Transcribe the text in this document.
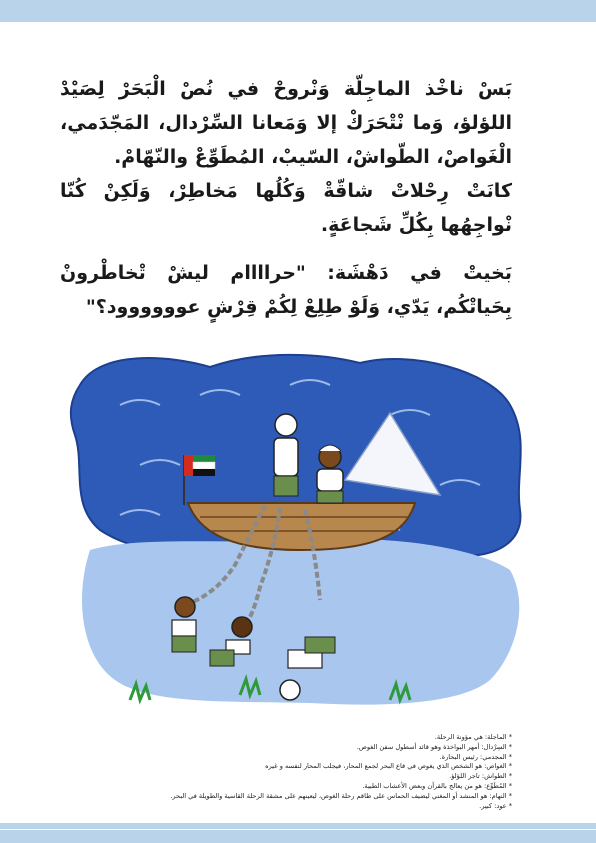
بَسْ ناخْذ الماجِلّة وَنْروحْ في نُصْ الْبَحَرْ لِصَيْدْ اللؤلؤ، وَما نْتْحَرَكْ إلا وَمَعانا السِّرْدال، المَجّدَمي، الْغَواصْ، الطّواشْ، السّيبْ، المُطَوِّعْ والنّهّامْ.

كانَتْ رِحْلاتْ شاقّةْ وَكُلُها مَخاطِرْ، وَلَكِنْ كُنّا نْواجِهُها بِكُلِّ شَجاعَةٍ.

بَخيتْ في دَهْشَة: "حراااام ليشْ تْخاطْرونْ بِحَياتْكُم، يَدّي، وَلَوْ طِلِعْ لِكُمْ قِرْشٍ عوووووود؟"

* الماجلة: هي مؤونة الرحلة.
* السِرْدال: أمهر البواخذة وهو قائد أسطول سفن الغوص.
* المجدمي: رئيس البحارة.
* الغواص: هو الشخص الذي يغوص في قاع البحر لجمع المحار، فيجلب المحار لنفسه و غيره
* الطواش: تاجر اللؤلؤ.
* المُطَوِّع: هو من يعالج بالقرآن وبعض الأعشاب الطبية.
* النهام: هو المنشد أو المغني ليضيف الحماس على طاقم رحلة الغوص، ليعينهم على مشقة الرحلة القاسية والطويلة في البحر.
* عود: كبير.
